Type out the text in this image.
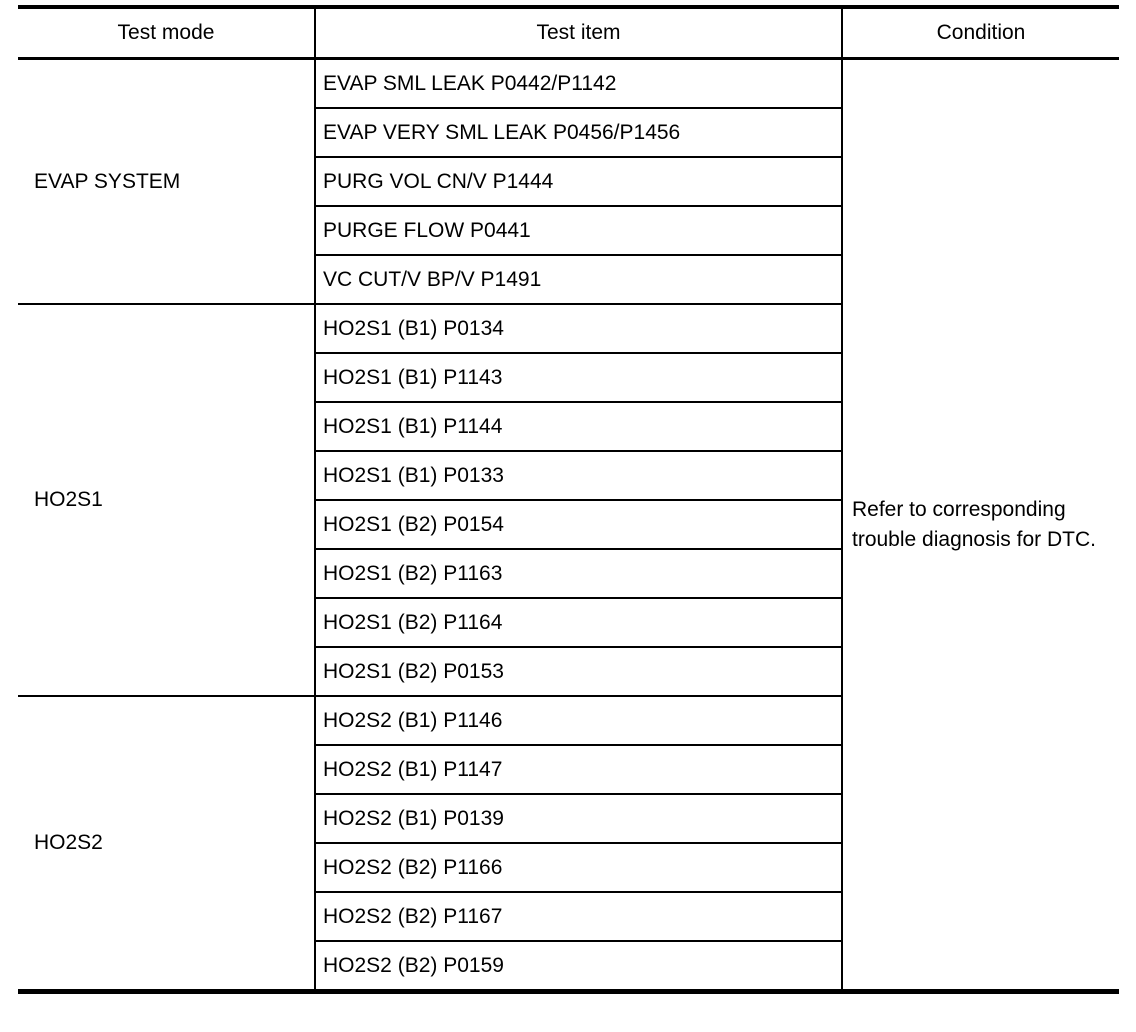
Test mode	Test item	Condition
EVAP SYSTEM	EVAP SML LEAK P0442/P1142	Refer to corresponding trouble diagnosis for DTC.
	EVAP VERY SML LEAK P0456/P1456	
	PURG VOL CN/V P1444	
	PURGE FLOW P0441	
	VC CUT/V BP/V P1491	
HO2S1	HO2S1 (B1) P0134	
	HO2S1 (B1) P1143	
	HO2S1 (B1) P1144	
	HO2S1 (B1) P0133	
	HO2S1 (B2) P0154	
	HO2S1 (B2) P1163	
	HO2S1 (B2) P1164	
	HO2S1 (B2) P0153	
HO2S2	HO2S2 (B1) P1146	
	HO2S2 (B1) P1147	
	HO2S2 (B1) P0139	
	HO2S2 (B2) P1166	
	HO2S2 (B2) P1167	
	HO2S2 (B2) P0159	
